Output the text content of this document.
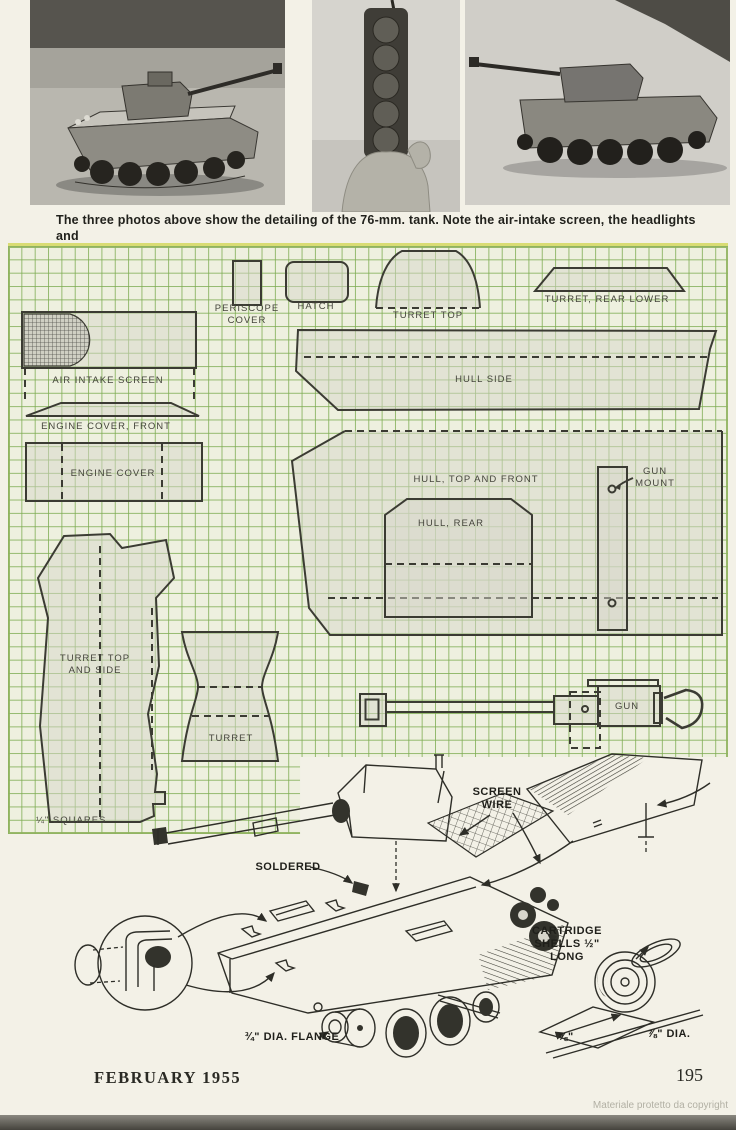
The three photos above show the detailing of the 76-mm. tank. Note the air-intake screen, the headlights and
PERISCOPE COVER
HATCH
TURRET TOP
TURRET, REAR LOWER
AIR INTAKE SCREEN	HULL SIDE
ENGINE COVER, FRONT
ENGINE COVER
HULL, TOP AND FRONT
HULL, REAR
GUN MOUNT
TURRET TOP AND SIDE
TURRET
GUN
¼" SQUARES
SCREEN WIRE
SOLDERED
CARTRIDGE SHELLS ½" LONG
¾" DIA. FLANGE	⅝"	⅞" DIA.
FEBRUARY 1955	195
Materiale protetto da copyright
